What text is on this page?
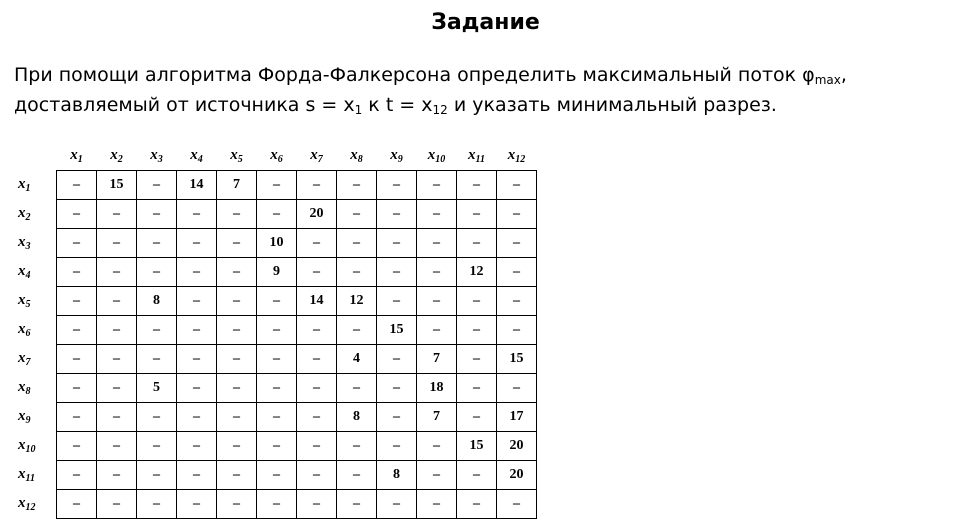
Задание
При помощи алгоритма Форда-Фалкерсона определить максимальный поток $\varphi_{max}$,
доставляемый от источника $s = x_1$ к $t = x_{12}$ и указать минимальный разрез.
	$x_1$	$x_2$	$x_3$	$x_4$	$x_5$	$x_6$	$x_7$	$x_8$	$x_9$	$x_{10}$	$x_{11}$	$x_{12}$
$x_1$	–	15	–	14	7	–	–	–	–	–	–	–
$x_2$	–	–	–	–	–	–	20	–	–	–	–	–
$x_3$	–	–	–	–	–	10	–	–	–	–	–	–
$x_4$	–	–	–	–	–	9	–	–	–	–	12	–
$x_5$	–	–	8	–	–	–	14	12	–	–	–	–
$x_6$	–	–	–	–	–	–	–	–	15	–	–	–
$x_7$	–	–	–	–	–	–	–	4	–	7	–	15
$x_8$	–	–	5	–	–	–	–	–	–	18	–	–
$x_9$	–	–	–	–	–	–	–	8	–	7	–	17
$x_{10}$	–	–	–	–	–	–	–	–	–	–	15	20
$x_{11}$	–	–	–	–	–	–	–	–	8	–	–	20
$x_{12}$	–	–	–	–	–	–	–	–	–	–	–	–
